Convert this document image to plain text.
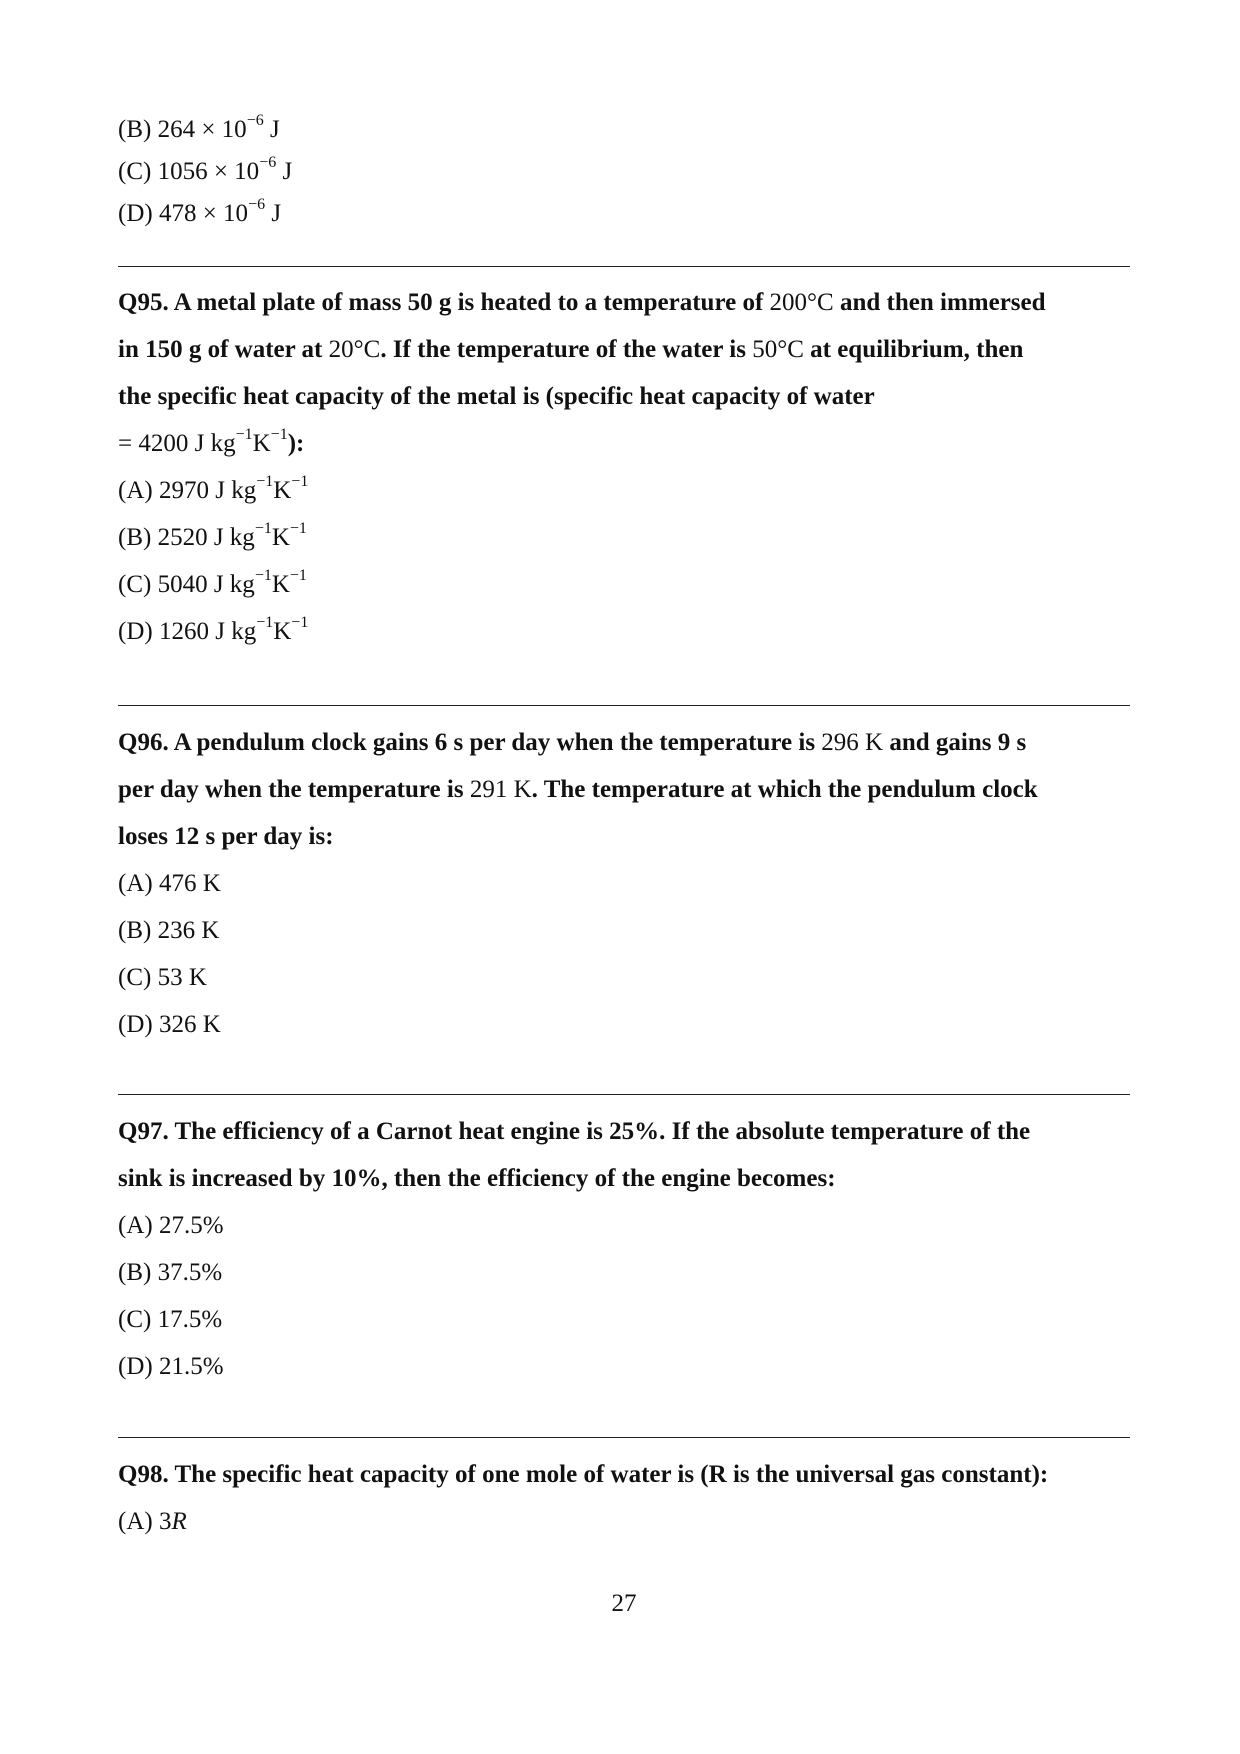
(B) $264 \times 10^{-6}$ J
(C) $1056 \times 10^{-6}$ J
(D) $478 \times 10^{-6}$ J
Q95. A metal plate of mass 50 g is heated to a temperature of 200°C and then immersed
in 150 g of water at 20°C. If the temperature of the water is 50°C at equilibrium, then
the specific heat capacity of the metal is (specific heat capacity of water
= 4200 J $kg^{-1}K^{-1}$):
(A) 2970 J $kg^{-1}K^{-1}$
(B) 2520 J $kg^{-1}K^{-1}$
(C) 5040 J $kg^{-1}K^{-1}$
(D) 1260 J $kg^{-1}K^{-1}$
Q96. A pendulum clock gains 6 s per day when the temperature is 296 K and gains 9 s
per day when the temperature is 291 K. The temperature at which the pendulum clock
loses 12 s per day is:
(A) 476 K
(B) 236 K
(C) 53 K
(D) 326 K
Q97. The efficiency of a Carnot heat engine is 25%. If the absolute temperature of the
sink is increased by 10%, then the efficiency of the engine becomes:
(A) 27.5%
(B) 37.5%
(C) 17.5%
(D) 21.5%
Q98. The specific heat capacity of one mole of water is (R is the universal gas constant):
(A) 3R
27
